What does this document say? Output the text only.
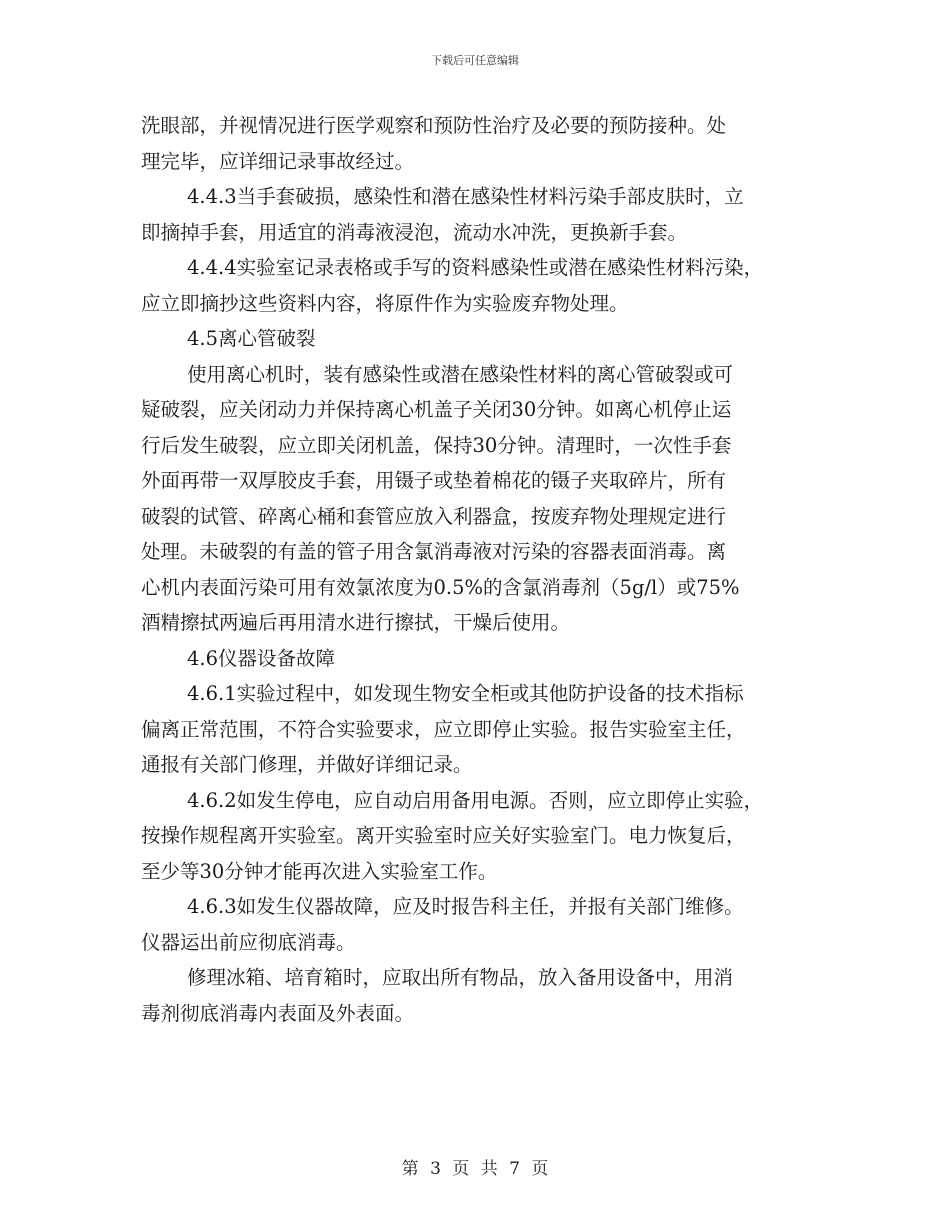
下载后可任意编辑
洗眼部，并视情况进行医学观察和预防性治疗及必要的预防接种。处
理完毕，应详细记录事故经过。
4.4.3当手套破损，感染性和潜在感染性材料污染手部皮肤时，立
即摘掉手套，用适宜的消毒液浸泡，流动水冲洗，更换新手套。
4.4.4实验室记录表格或手写的资料感染性或潜在感染性材料污染，
应立即摘抄这些资料内容，将原件作为实验废弃物处理。
4.5离心管破裂
使用离心机时，装有感染性或潜在感染性材料的离心管破裂或可
疑破裂，应关闭动力并保持离心机盖子关闭30分钟。如离心机停止运
行后发生破裂，应立即关闭机盖，保持30分钟。清理时，一次性手套
外面再带一双厚胶皮手套，用镊子或垫着棉花的镊子夹取碎片，所有
破裂的试管、碎离心桶和套管应放入利器盒，按废弃物处理规定进行
处理。未破裂的有盖的管子用含氯消毒液对污染的容器表面消毒。离
心机内表面污染可用有效氯浓度为0.5%的含氯消毒剂（5g/l）或75%
酒精擦拭两遍后再用清水进行擦拭，干燥后使用。
4.6仪器设备故障
4.6.1实验过程中，如发现生物安全柜或其他防护设备的技术指标
偏离正常范围，不符合实验要求，应立即停止实验。报告实验室主任，
通报有关部门修理，并做好详细记录。
4.6.2如发生停电，应自动启用备用电源。否则，应立即停止实验，
按操作规程离开实验室。离开实验室时应关好实验室门。电力恢复后，
至少等30分钟才能再次进入实验室工作。
4.6.3如发生仪器故障，应及时报告科主任，并报有关部门维修。
仪器运出前应彻底消毒。
修理冰箱、培育箱时，应取出所有物品，放入备用设备中，用消
毒剂彻底消毒内表面及外表面。
第 3 页 共 7 页
